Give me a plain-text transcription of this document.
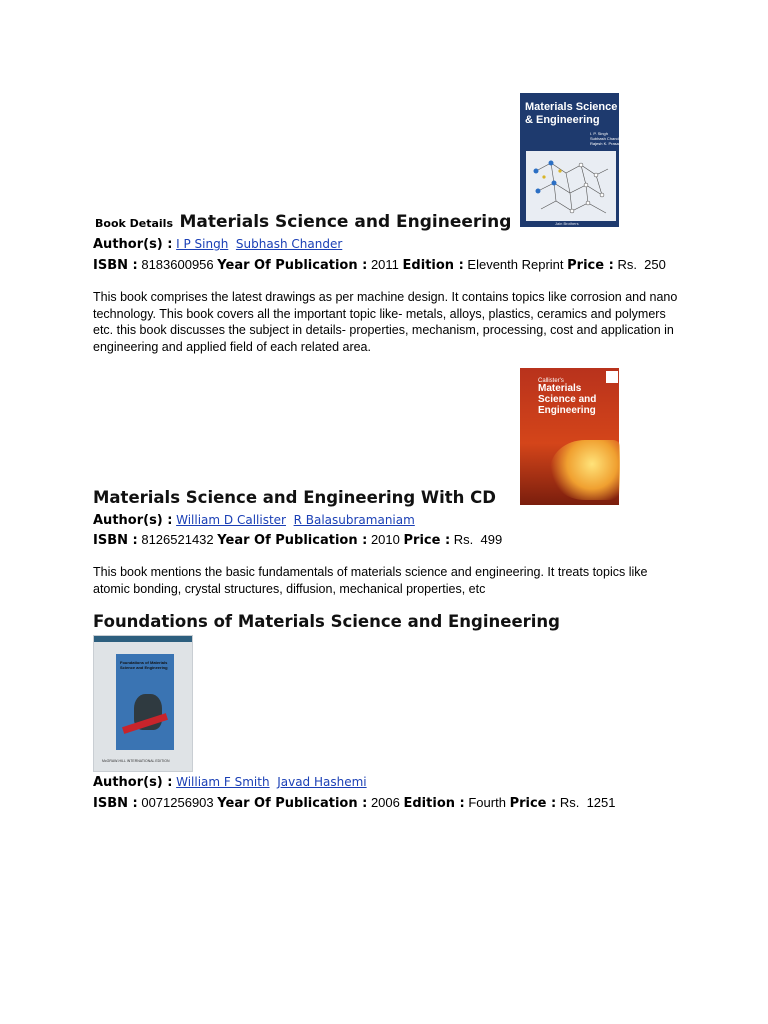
Materials Science & Engineering
I. P. Singh
Subhash Chander
Rajesh K. Prasad
Jain Brothers
Book Details Materials Science and Engineering
Author(s) : I P Singh Subhash Chander
ISBN : 8183600956 Year Of Publication : 2011 Edition : Eleventh Reprint Price : Rs.  250
This book comprises the latest drawings as per machine design. It contains topics like corrosion and nano technology. This book covers all the important topic like- metals, alloys, plastics, ceramics and polymers etc. this book discusses the subject in details- properties, mechanism, processing, cost and application in engineering and applied field of each related area.
Callister's
Materials Science and Engineering
Materials Science and Engineering With CD
Author(s) : William D Callister R Balasubramaniam
ISBN : 8126521432 Year Of Publication : 2010 Price : Rs.  499
This book mentions the basic fundamentals of materials science and engineering. It treats topics like atomic bonding, crystal structures, diffusion, mechanical properties, etc
Foundations of Materials Science and Engineering
Foundations of Materials Science and Engineering
McGRAW-HILL INTERNATIONAL EDITION
Author(s) : William F Smith Javad Hashemi
ISBN : 0071256903 Year Of Publication : 2006 Edition : Fourth Price : Rs.  1251
